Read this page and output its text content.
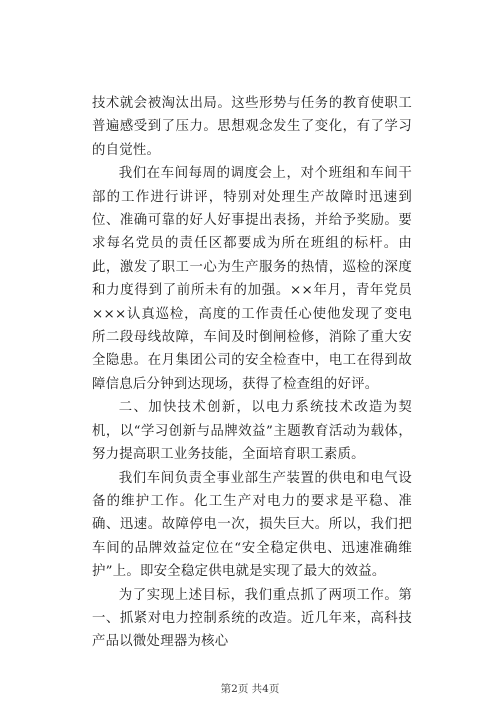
技术就会被淘汰出局。这些形势与任务的教育使职工普遍感受到了压力。思想观念发生了变化，有了学习的自觉性。

我们在车间每周的调度会上，对个班组和车间干部的工作进行讲评，特别对处理生产故障时迅速到位、准确可靠的好人好事提出表扬，并给予奖励。要求每名党员的责任区都要成为所在班组的标杆。由此，激发了职工一心为生产服务的热情，巡检的深度和力度得到了前所未有的加强。××年月，青年党员×××认真巡检，高度的工作责任心使他发现了变电所二段母线故障，车间及时倒闸检修，消除了重大安全隐患。在月集团公司的安全检查中，电工在得到故障信息后分钟到达现场，获得了检查组的好评。

二、加快技术创新，以电力系统技术改造为契机，以“学习创新与品牌效益”主题教育活动为载体，努力提高职工业务技能，全面培育职工素质。

我们车间负责全事业部生产装置的供电和电气设备的维护工作。化工生产对电力的要求是平稳、准确、迅速。故障停电一次，损失巨大。所以，我们把车间的品牌效益定位在“安全稳定供电、迅速准确维护”上。即安全稳定供电就是实现了最大的效益。

为了实现上述目标，我们重点抓了两项工作。第一、抓紧对电力控制系统的改造。近几年来，高科技产品以微处理器为核心

第2页 共4页
